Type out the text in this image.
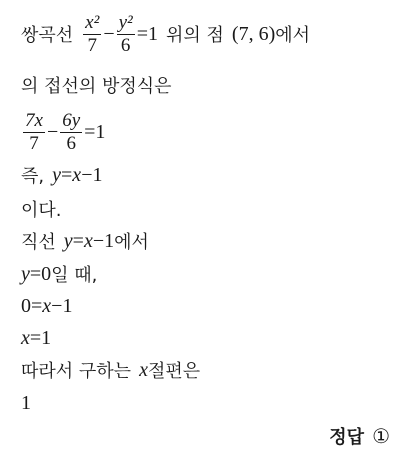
쌍곡선 $\frac{\text{x²}}{7} - \frac{\text{y²}}{6} =1$ 위의 점 (7, 6) 에서
의 접선의 방정식은
$\frac{7x}{7} - \frac{6y}{6} =1$
즉, y = x −1
이다.
직선 y = x −1 에서
y =0 일 때,
0= x −1
x =1
따라서 구하는 x 절편은
1
정답 ①
